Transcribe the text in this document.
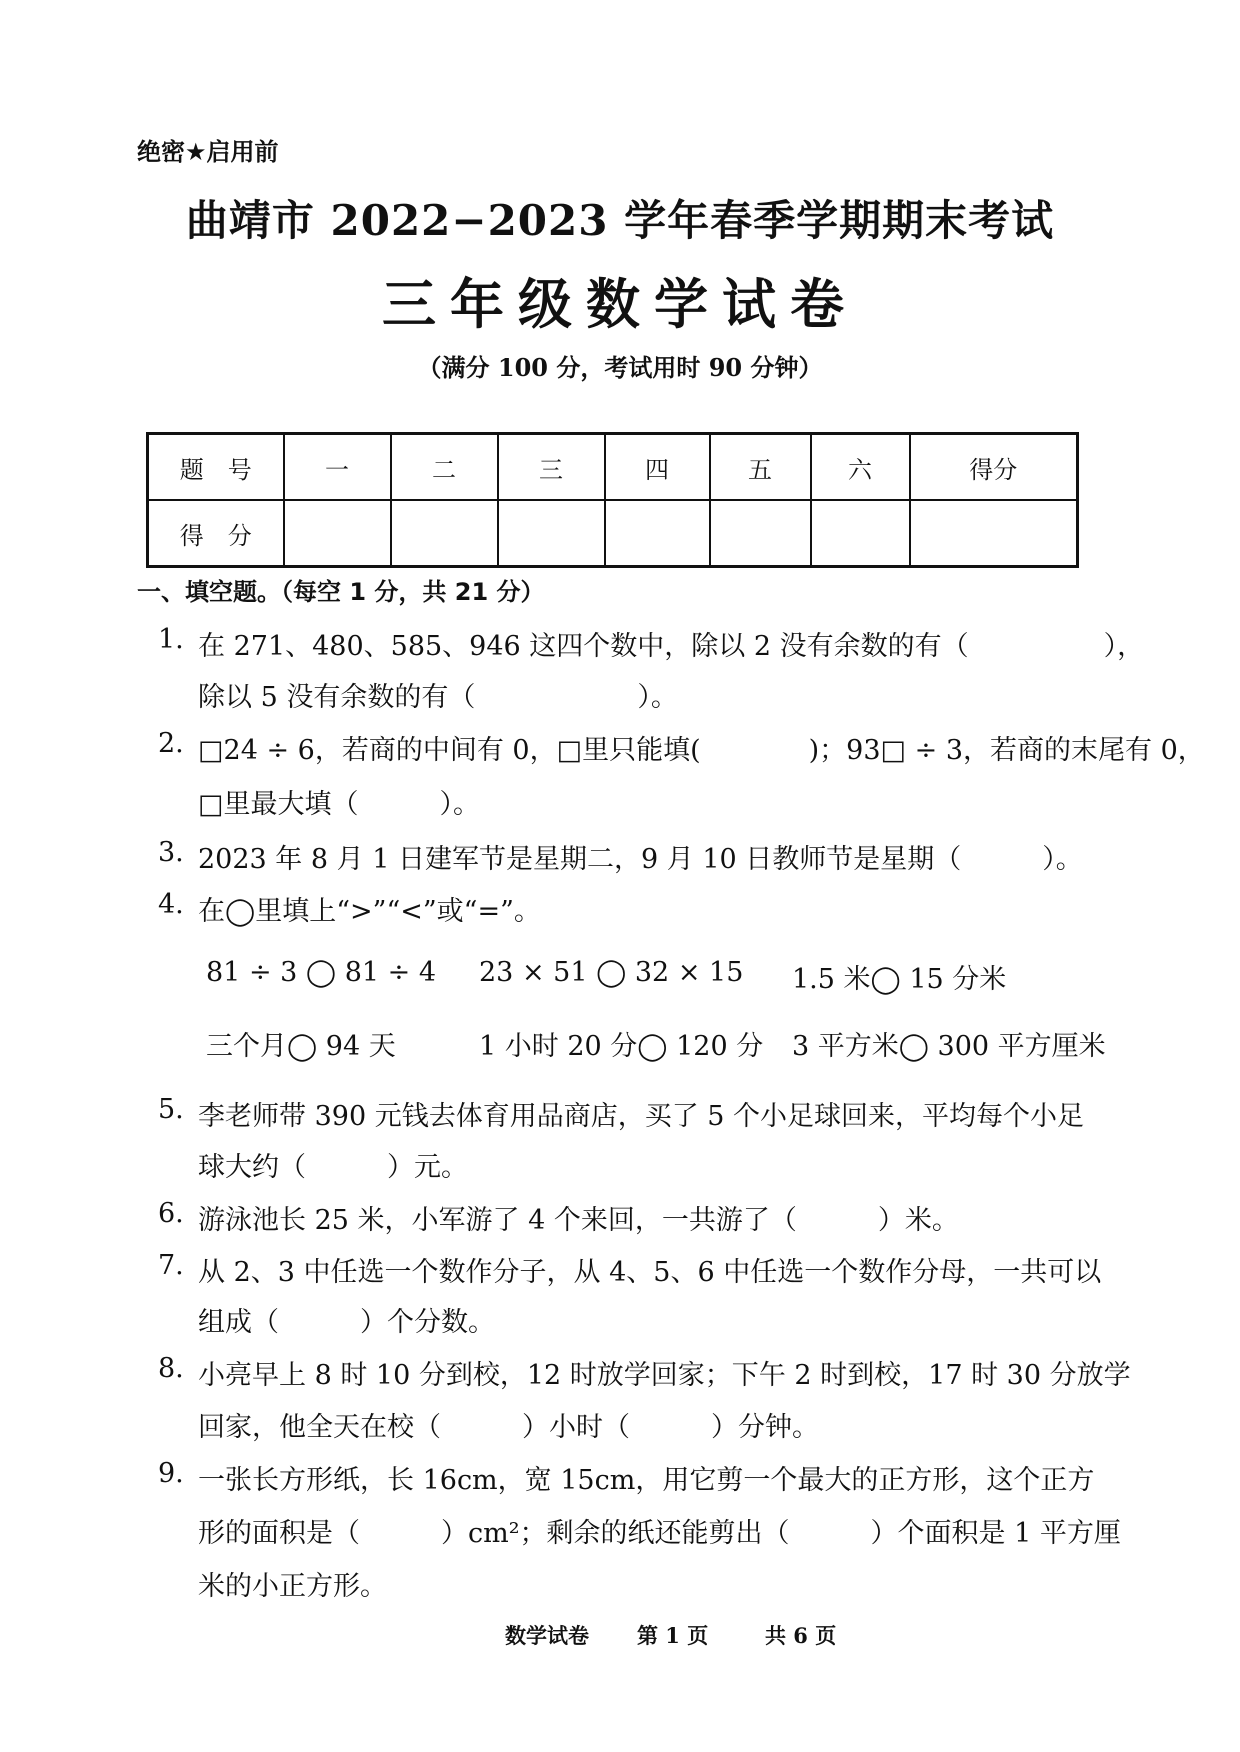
绝密★启用前
曲靖市 2022−2023 学年春季学期期末考试
三年级数学试卷
（满分 100 分，考试用时 90 分钟）
题　号	一	二	三	四	五	六	得分
得　分							
一、填空题。（每空 1 分，共 21 分）
1. 在 271、480、585、946 这四个数中，除以 2 没有余数的有（　　　　　），
除以 5 没有余数的有（　　　　　　）。
2. □24 ÷ 6，若商的中间有 0，□里只能填(　　　　)；93□ ÷ 3，若商的末尾有 0，
□里最大填（　　　）。
3. 2023 年 8 月 1 日建军节是星期二，9 月 10 日教师节是星期（　　　）。
4. 在◯里填上“>”“<”或“=”。
81 ÷ 3 ◯ 81 ÷ 4 23 × 51 ◯ 32 × 15 1.5 米◯ 15 分米
三个月◯ 94 天	1 小时 20 分◯ 120 分 3 平方米◯ 300 平方厘米
5. 李老师带 390 元钱去体育用品商店，买了 5 个小足球回来，平均每个小足
球大约（　　　）元。
6. 游泳池长 25 米，小军游了 4 个来回，一共游了（　　　）米。
7. 从 2、3 中任选一个数作分子，从 4、5、6 中任选一个数作分母，一共可以
组成（　　　）个分数。
8. 小亮早上 8 时 10 分到校，12 时放学回家；下午 2 时到校，17 时 30 分放学
回家，他全天在校（　　　）小时（　　　）分钟。
9. 一张长方形纸，长 16cm，宽 15cm，用它剪一个最大的正方形，这个正方
形的面积是（　　　）cm²；剩余的纸还能剪出（　　　）个面积是 1 平方厘
米的小正方形。
数学试卷 第 1 页	共 6 页
